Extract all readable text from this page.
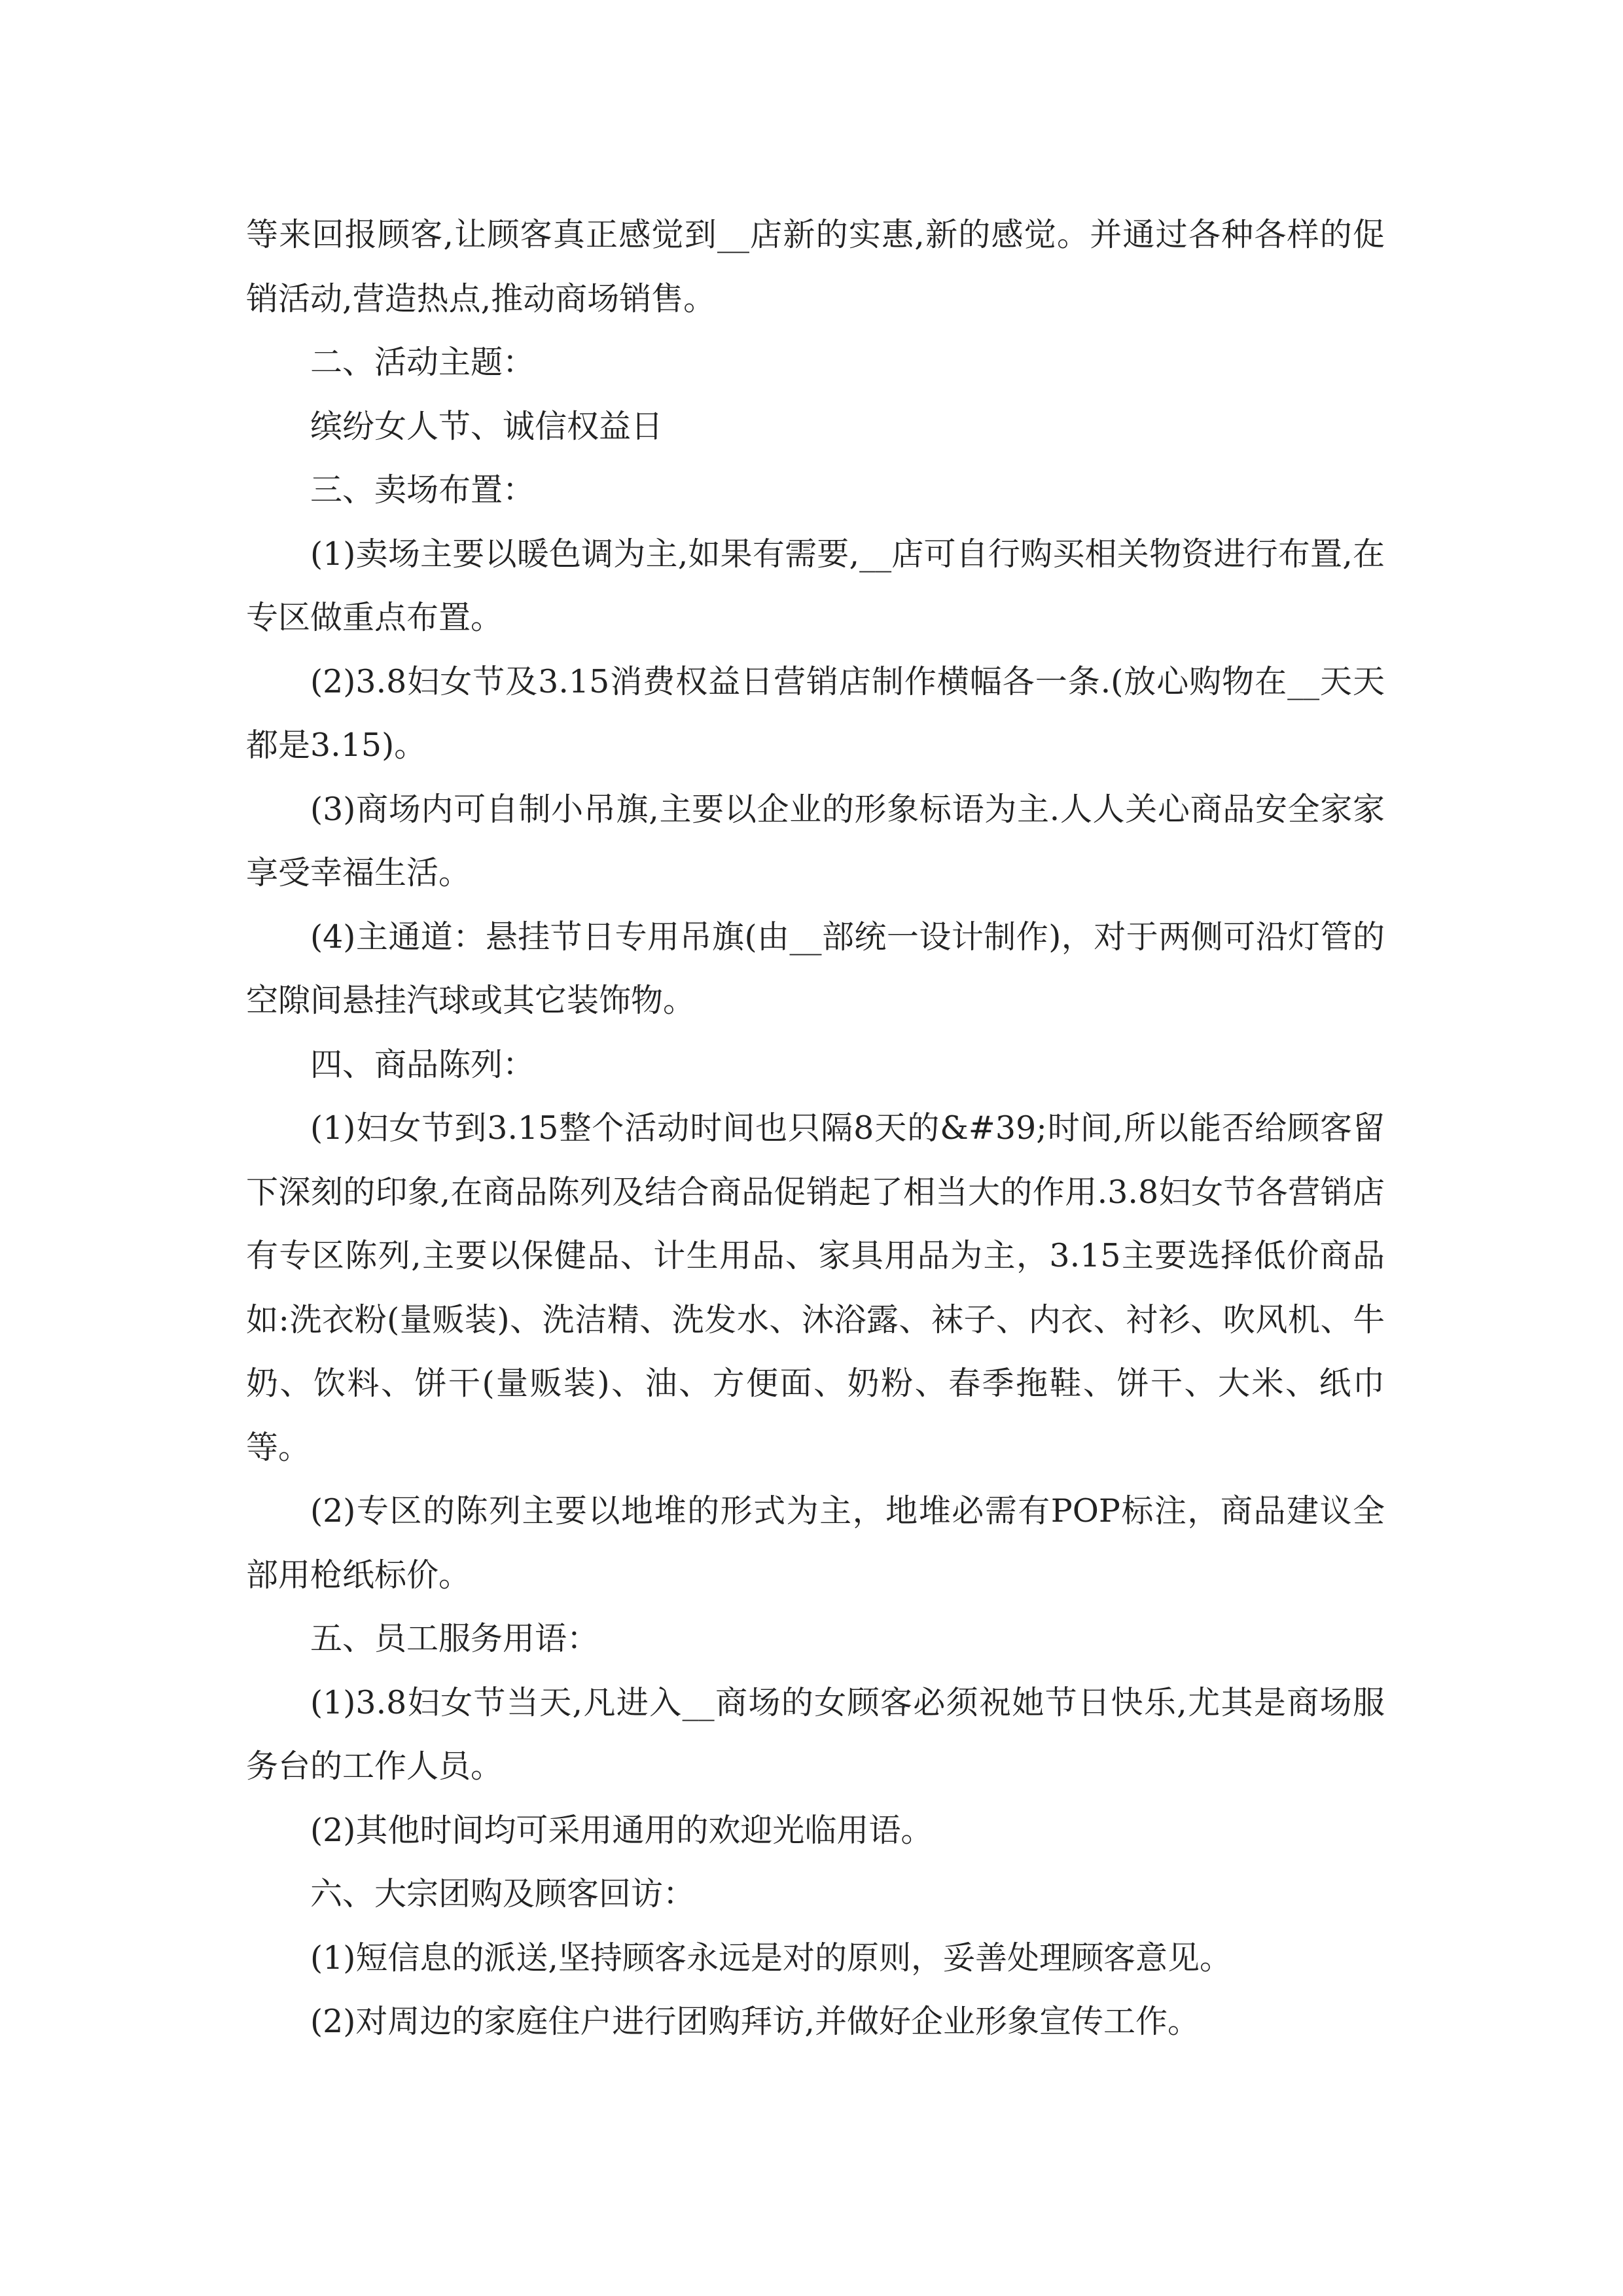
等来回报顾客,让顾客真正感觉到__店新的实惠,新的感觉。并通过各种各样的促销活动,营造热点,推动商场销售。

二、活动主题：

缤纷女人节、诚信权益日

三、卖场布置：

(1)卖场主要以暖色调为主,如果有需要,__店可自行购买相关物资进行布置,在专区做重点布置。

(2)3.8妇女节及3.15消费权益日营销店制作横幅各一条.(放心购物在__天天都是3.15)。

(3)商场内可自制小吊旗,主要以企业的形象标语为主.人人关心商品安全家家享受幸福生活。

(4)主通道：悬挂节日专用吊旗(由__部统一设计制作)，对于两侧可沿灯管的空隙间悬挂汽球或其它装饰物。

四、商品陈列：

(1)妇女节到3.15整个活动时间也只隔8天的&#39;时间,所以能否给顾客留下深刻的印象,在商品陈列及结合商品促销起了相当大的作用.3.8妇女节各营销店有专区陈列,主要以保健品、计生用品、家具用品为主，3.15主要选择低价商品如:洗衣粉(量贩装)、洗洁精、洗发水、沐浴露、袜子、内衣、衬衫、吹风机、牛奶、饮料、饼干(量贩装)、油、方便面、奶粉、春季拖鞋、饼干、大米、纸巾等。

(2)专区的陈列主要以地堆的形式为主，地堆必需有POP标注，商品建议全部用枪纸标价。

五、员工服务用语：

(1)3.8妇女节当天,凡进入__商场的女顾客必须祝她节日快乐,尤其是商场服务台的工作人员。

(2)其他时间均可采用通用的欢迎光临用语。

六、大宗团购及顾客回访：

(1)短信息的派送,坚持顾客永远是对的原则，妥善处理顾客意见。

(2)对周边的家庭住户进行团购拜访,并做好企业形象宣传工作。
